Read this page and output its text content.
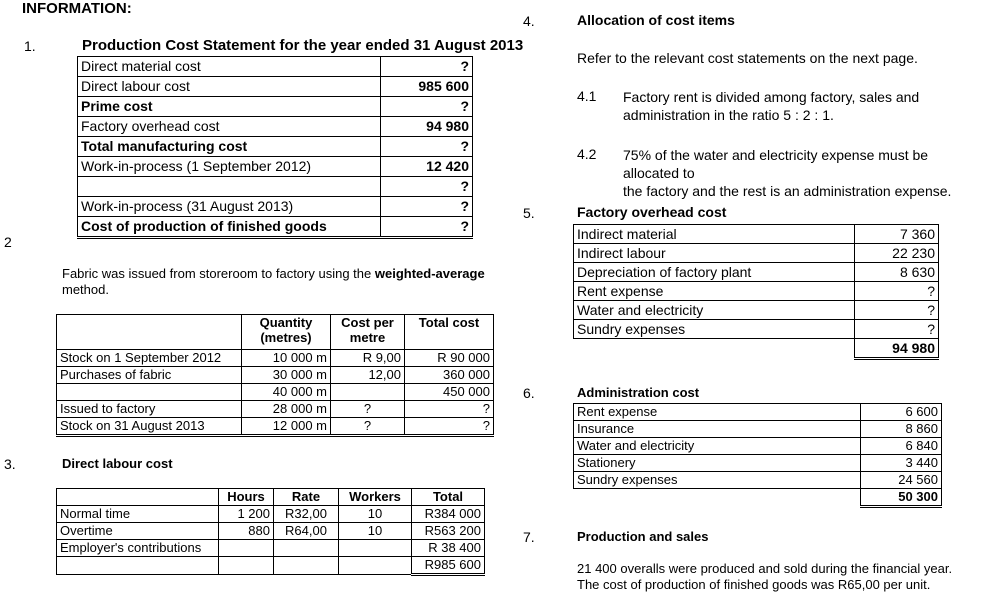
INFORMATION:
1.	Production Cost Statement for the year ended 31 August 2013
Direct material cost	?
Direct labour cost	985 600
Prime cost	?
Factory overhead cost	94 980
Total manufacturing cost	?
Work-in-process (1 September 2012)	12 420
	?
Work-in-process (31 August 2013)	?
Cost of production of finished goods	?
2
Fabric was issued from storeroom to factory using the weighted-average method.
	Quantity (metres)	Cost per metre	Total cost
Stock on 1 September 2012	10 000 m	R 9,00	R 90 000
Purchases of fabric	30 000 m	12,00	360 000
	40 000 m		450 000
Issued to factory	28 000 m	?	?
Stock on 31 August 2013	12 000 m	?	?
3.	Direct labour cost
	Hours	Rate	Workers	Total
Normal time	1 200	R32,00	10	R384 000
Overtime	880	R64,00	10	R563 200
Employer's contributions				R 38 400
				R985 600
4.	Allocation of cost items
Refer to the relevant cost statements on the next page.
4.1 Factory rent is divided among factory, sales and
administration in the ratio 5 : 2 : 1.
4.2 75% of the water and electricity expense must be allocated to
the factory and the rest is an administration expense.
5.	Factory overhead cost
Indirect material	7 360
Indirect labour	22 230
Depreciation of factory plant	8 630
Rent expense	?
Water and electricity	?
Sundry expenses	?
	94 980
6.	Administration cost
Rent expense	6 600
Insurance	8 860
Water and electricity	6 840
Stationery	3 440
Sundry expenses	24 560
	50 300
7.	Production and sales
21 400 overalls were produced and sold during the financial year.
The cost of production of finished goods was R65,00 per unit.
